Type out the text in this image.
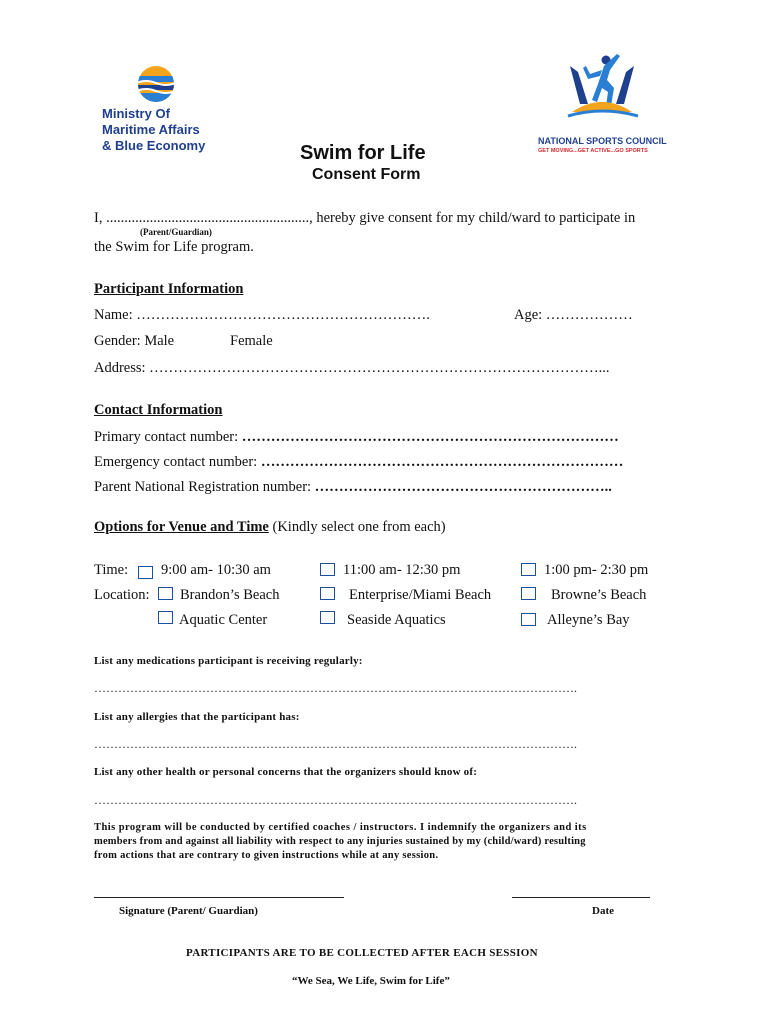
Ministry Of
Maritime Affairs
& Blue Economy	NATIONAL SPORTS COUNCIL
GET MOVING...GET ACTIVE...GO SPORTS
Swim for Life
Consent Form
I, ........................................................, hereby give consent for my child/ward to participate in
(Parent/Guardian)
the Swim for Life program.
Participant Information
Name: …………………………………………………….	Age: ………………
Gender: Male	Female
Address: …………………………………………………………………………………...
Contact Information
Primary contact number: ……………………………………………………………………
Emergency contact number: …………………………………………………………………
Parent National Registration number: ……………………………………………………..
Options for Venue and Time (Kindly select one from each)
Time: 9:00 am- 10:30 am	11:00 am- 12:30 pm	1:00 pm- 2:30 pm
Location: Brandon’s Beach	Enterprise/Miami Beach	Browne’s Beach
Aquatic Center	Seaside Aquatics	Alleyne’s Bay
List any medications participant is receiving regularly:
………………………………………………………………………………………………………….
List any allergies that the participant has:
………………………………………………………………………………………………………….
List any other health or personal concerns that the organizers should know of:
………………………………………………………………………………………………………….
This program will be conducted by certified coaches / instructors. I indemnify the organizers and its
members from and against all liability with respect to any injuries sustained by my (child/ward) resulting
from actions that are contrary to given instructions while at any session.
Signature (Parent/ Guardian)	Date
PARTICIPANTS ARE TO BE COLLECTED AFTER EACH SESSION
“We Sea, We Life, Swim for Life”
